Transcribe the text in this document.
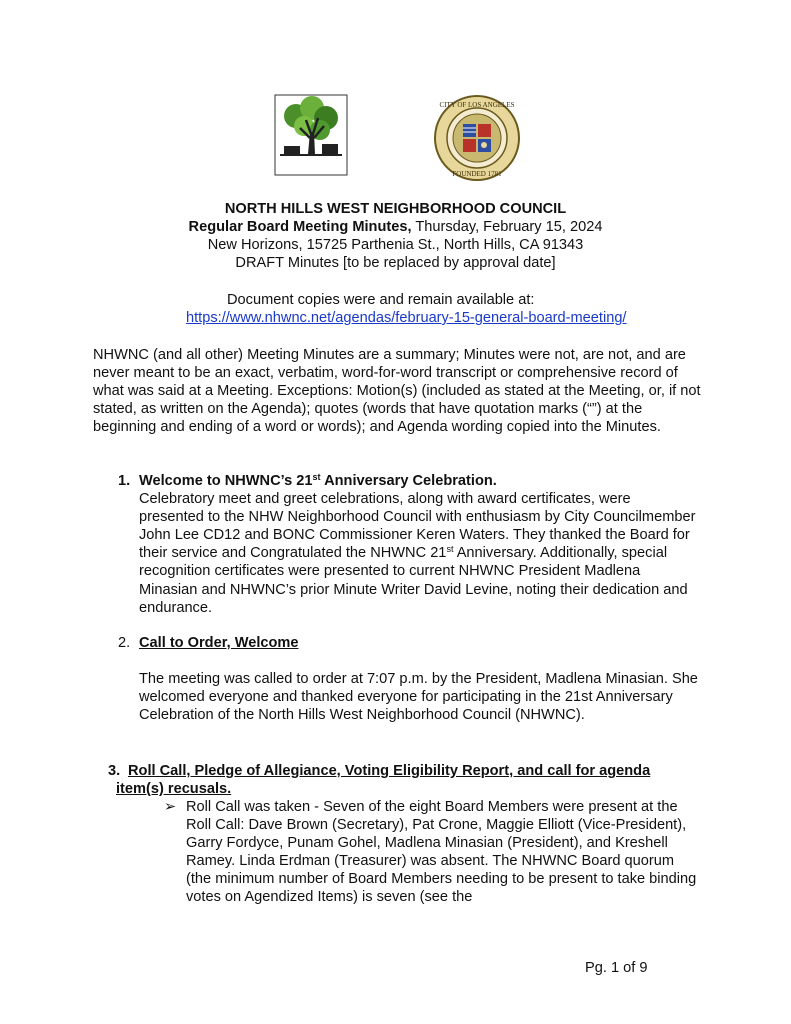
CITY OF LOS ANGELES
FOUNDED 1781
NORTH HILLS WEST NEIGHBORHOOD COUNCIL
Regular Board Meeting Minutes, Thursday, February 15, 2024
New Horizons, 15725 Parthenia St., North Hills, CA 91343
DRAFT Minutes [to be replaced by approval date]
Document copies were and remain available at:
https://www.nhwnc.net/agendas/february-15-general-board-meeting/
NHWNC (and all other) Meeting Minutes are a summary; Minutes were not, are not, and are never meant to be an exact, verbatim, word-for-word transcript or comprehensive record of what was said at a Meeting. Exceptions: Motion(s) (included as stated at the Meeting, or, if not stated, as written on the Agenda); quotes (words that have quotation marks (“”) at the beginning and ending of a word or words); and Agenda wording copied into the Minutes.
1. Welcome to NHWNC’s 21st Anniversary Celebration.
Celebratory meet and greet celebrations, along with award certificates, were presented to the NHW Neighborhood Council with enthusiasm by City Councilmember John Lee CD12 and BONC Commissioner Keren Waters. They thanked the Board for their service and Congratulated the NHWNC 21st Anniversary. Additionally, special recognition certificates were presented to current NHWNC President Madlena Minasian and NHWNC’s prior Minute Writer David Levine, noting their dedication and endurance.
2. Call to Order, Welcome
The meeting was called to order at 7:07 p.m. by the President, Madlena Minasian. She welcomed everyone and thanked everyone for participating in the 21st Anniversary Celebration of the North Hills West Neighborhood Council (NHWNC).
3. Roll Call, Pledge of Allegiance, Voting Eligibility Report, and call for agenda
item(s) recusals.
➢ Roll Call was taken - Seven of the eight Board Members were present at the Roll Call: Dave Brown (Secretary), Pat Crone, Maggie Elliott (Vice-President), Garry Fordyce, Punam Gohel, Madlena Minasian (President), and Kreshell Ramey. Linda Erdman (Treasurer) was absent. The NHWNC Board quorum (the minimum number of Board Members needing to be present to take binding votes on Agendized Items) is seven (see the
Pg. 1 of 9
